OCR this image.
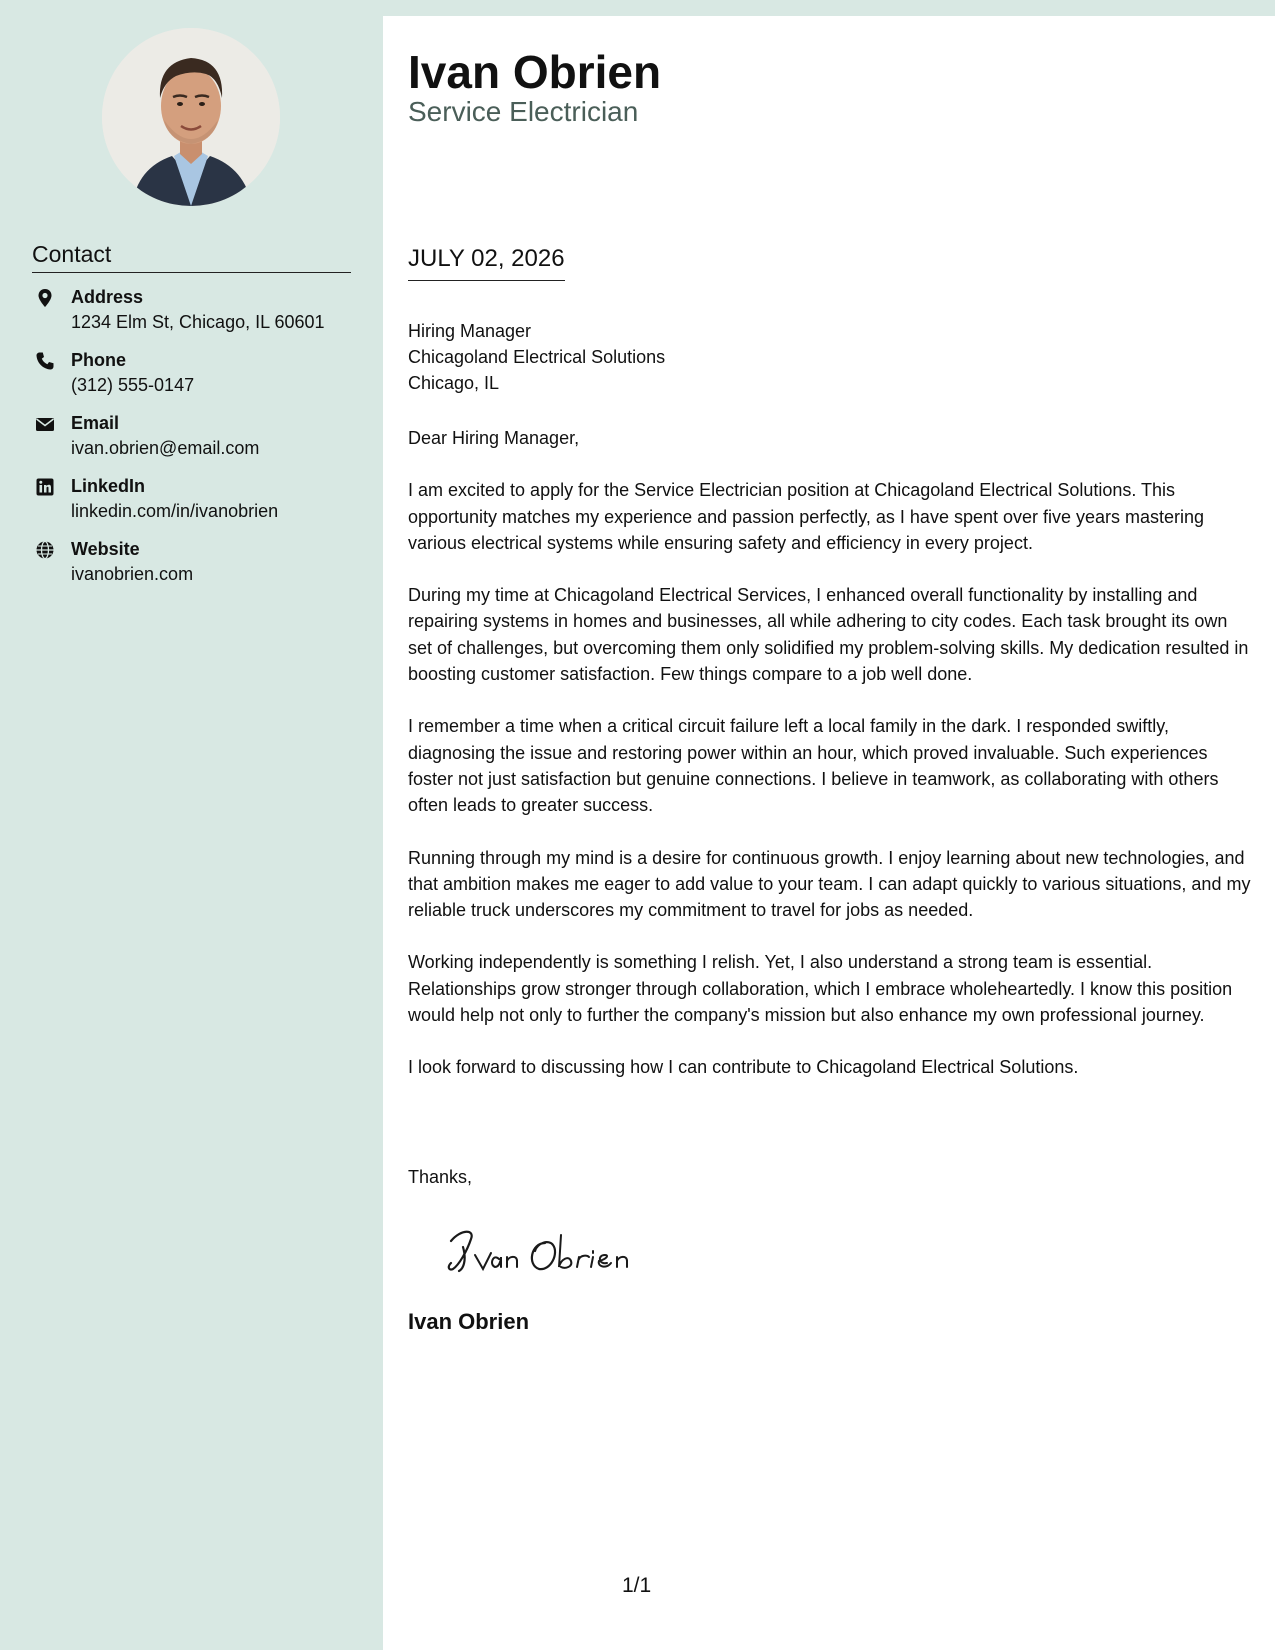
Contact
Address
1234 Elm St, Chicago, IL 60601
Phone
(312) 555-0147
Email
ivan.obrien@email.com
LinkedIn
linkedin.com/in/ivanobrien
Website
ivanobrien.com
Ivan Obrien
Service Electrician
JULY 02, 2026
Hiring Manager
Chicagoland Electrical Solutions
Chicago, IL

Dear Hiring Manager,

I am excited to apply for the Service Electrician position at Chicagoland Electrical Solutions. This opportunity matches my experience and passion perfectly, as I have spent over five years mastering various electrical systems while ensuring safety and efficiency in every project.

During my time at Chicagoland Electrical Services, I enhanced overall functionality by installing and repairing systems in homes and businesses, all while adhering to city codes. Each task brought its own set of challenges, but overcoming them only solidified my problem-solving skills. My dedication resulted in boosting customer satisfaction. Few things compare to a job well done.

I remember a time when a critical circuit failure left a local family in the dark. I responded swiftly, diagnosing the issue and restoring power within an hour, which proved invaluable. Such experiences foster not just satisfaction but genuine connections. I believe in teamwork, as collaborating with others often leads to greater success.

Running through my mind is a desire for continuous growth. I enjoy learning about new technologies, and that ambition makes me eager to add value to your team. I can adapt quickly to various situations, and my reliable truck underscores my commitment to travel for jobs as needed.

Working independently is something I relish. Yet, I also understand a strong team is essential. Relationships grow stronger through collaboration, which I embrace wholeheartedly. I know this position would help not only to further the company's mission but also enhance my own professional journey.

I look forward to discussing how I can contribute to Chicagoland Electrical Solutions.

Thanks,
Ivan Obrien
1/1
